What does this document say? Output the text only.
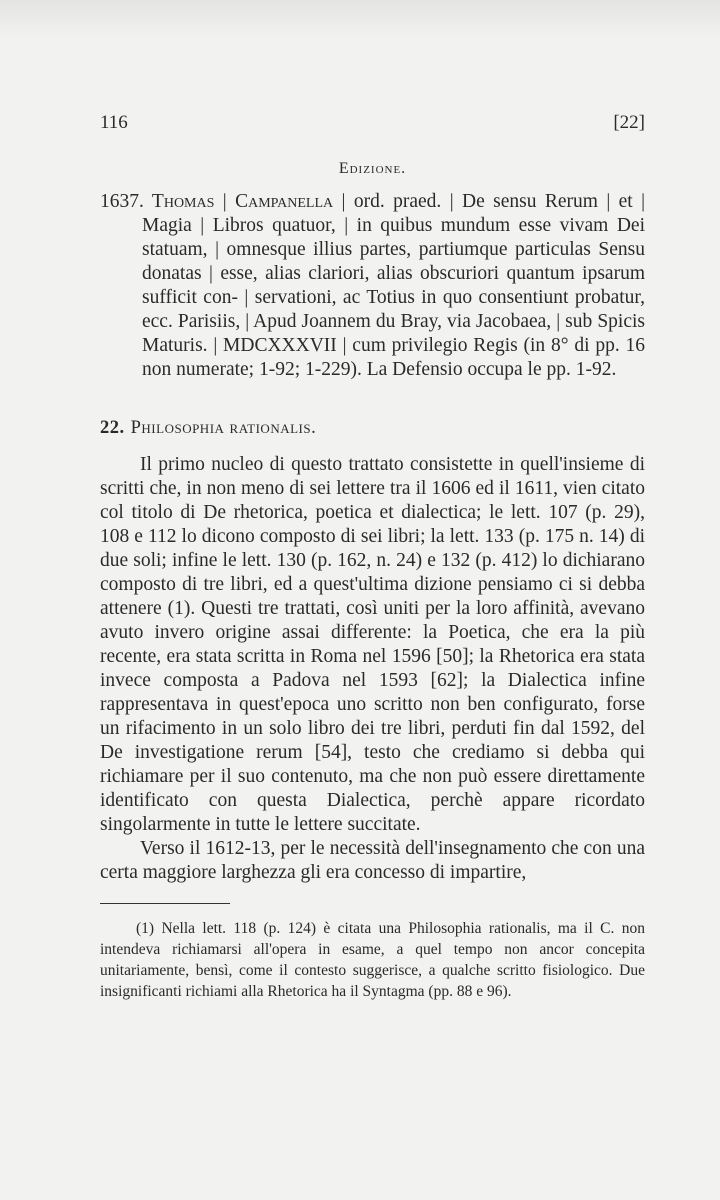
116	[22]
Edizione.

1637. Thomas | Campanella | ord. praed. | De sensu Rerum | et | Magia | Libros quatuor, | in quibus mundum esse vivam Dei statuam, | omnesque illius partes, partiumque particulas Sensu donatas | esse, alias clariori, alias obscuriori quantum ipsarum sufficit con- | servationi, ac Totius in quo consentiunt probatur, ecc. Parisiis, | Apud Joannem du Bray, via Jacobaea, | sub Spicis Maturis. | MDCXXXVII | cum privilegio Regis (in 8° di pp. 16 non numerate; 1-92; 1-229). La Defensio occupa le pp. 1-92.

22. Philosophia rationalis.

Il primo nucleo di questo trattato consistette in quell'insieme di scritti che, in non meno di sei lettere tra il 1606 ed il 1611, vien citato col titolo di De rhetorica, poetica et dialectica; le lett. 107 (p. 29), 108 e 112 lo dicono composto di sei libri; la lett. 133 (p. 175 n. 14) di due soli; infine le lett. 130 (p. 162, n. 24) e 132 (p. 412) lo dichiarano composto di tre libri, ed a quest'ultima dizione pensiamo ci si debba attenere (1). Questi tre trattati, così uniti per la loro affinità, avevano avuto invero origine assai differente: la Poetica, che era la più recente, era stata scritta in Roma nel 1596 [50]; la Rhetorica era stata invece composta a Padova nel 1593 [62]; la Dialectica infine rappresentava in quest'epoca uno scritto non ben configurato, forse un rifacimento in un solo libro dei tre libri, perduti fin dal 1592, del De investigatione rerum [54], testo che crediamo si debba qui richiamare per il suo contenuto, ma che non può essere direttamente identificato con questa Dialectica, perchè appare ricordato singolarmente in tutte le lettere succitate.

Verso il 1612-13, per le necessità dell'insegnamento che con una certa maggiore larghezza gli era concesso di impartire,

(1) Nella lett. 118 (p. 124) è citata una Philosophia rationalis, ma il C. non intendeva richiamarsi all'opera in esame, a quel tempo non ancor concepita unitariamente, bensì, come il contesto suggerisce, a qualche scritto fisiologico. Due insignificanti richiami alla Rhetorica ha il Syntagma (pp. 88 e 96).
